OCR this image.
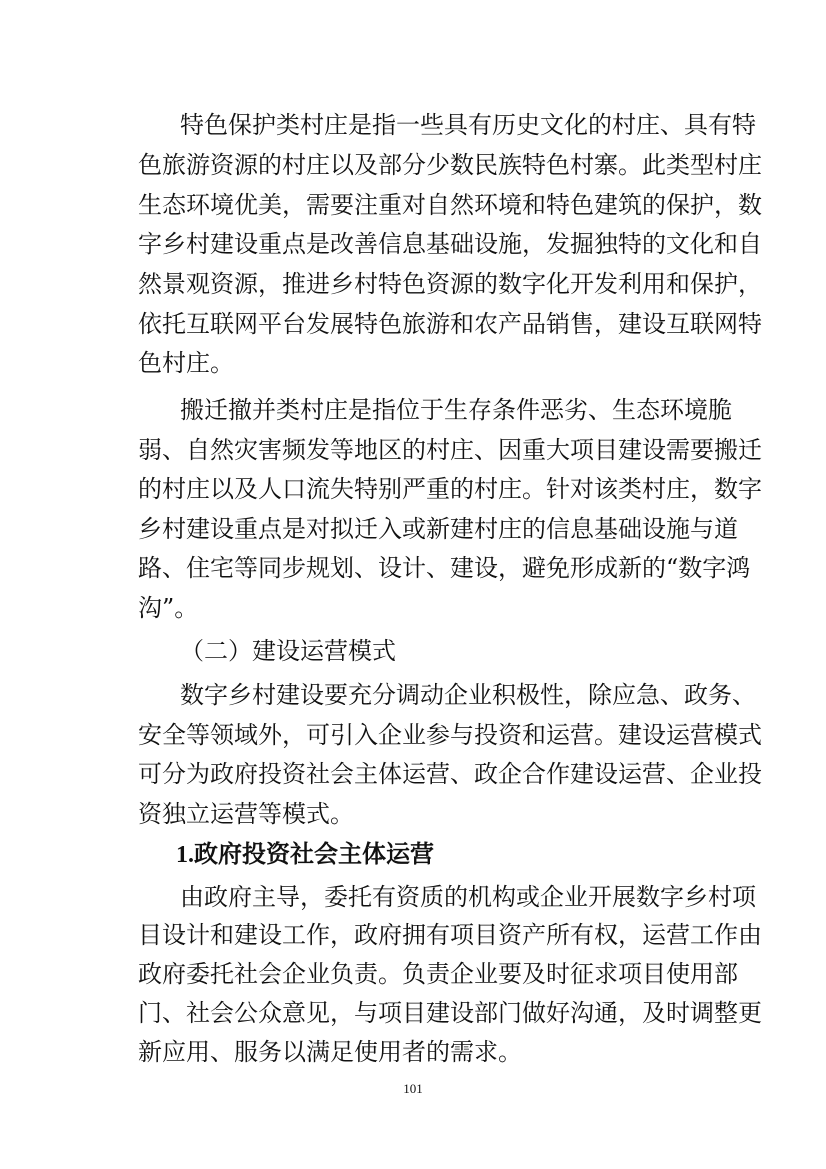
特色保护类村庄是指一些具有历史文化的村庄、具有特
色旅游资源的村庄以及部分少数民族特色村寨。此类型村庄
生态环境优美，需要注重对自然环境和特色建筑的保护，数
字乡村建设重点是改善信息基础设施，发掘独特的文化和自
然景观资源，推进乡村特色资源的数字化开发利用和保护，
依托互联网平台发展特色旅游和农产品销售，建设互联网特
色村庄。
搬迁撤并类村庄是指位于生存条件恶劣、生态环境脆
弱、自然灾害频发等地区的村庄、因重大项目建设需要搬迁
的村庄以及人口流失特别严重的村庄。针对该类村庄，数字
乡村建设重点是对拟迁入或新建村庄的信息基础设施与道
路、住宅等同步规划、设计、建设，避免形成新的“数字鸿
沟”。
（二）建设运营模式
数字乡村建设要充分调动企业积极性，除应急、政务、
安全等领域外，可引入企业参与投资和运营。建设运营模式
可分为政府投资社会主体运营、政企合作建设运营、企业投
资独立运营等模式。
1.政府投资社会主体运营
由政府主导，委托有资质的机构或企业开展数字乡村项
目设计和建设工作，政府拥有项目资产所有权，运营工作由
政府委托社会企业负责。负责企业要及时征求项目使用部
门、社会公众意见，与项目建设部门做好沟通，及时调整更
新应用、服务以满足使用者的需求。
101
